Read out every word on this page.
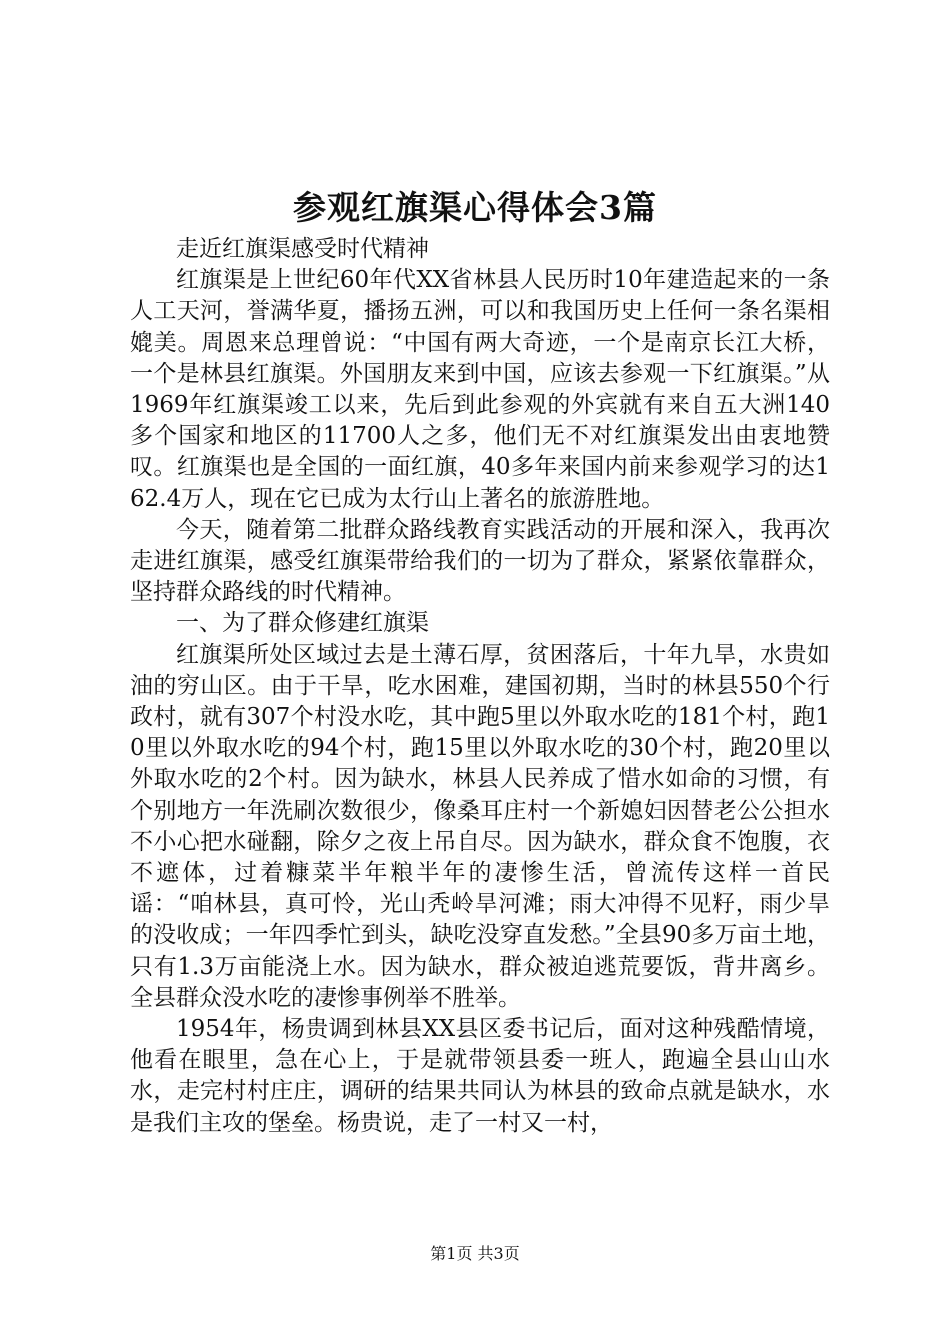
参观红旗渠心得体会3篇

走近红旗渠感受时代精神

红旗渠是上世纪60年代XX省林县人民历时10年建造起来的一条人工天河，誉满华夏，播扬五洲，可以和我国历史上任何一条名渠相媲美。周恩来总理曾说：“中国有两大奇迹，一个是南京长江大桥，一个是林县红旗渠。外国朋友来到中国，应该去参观一下红旗渠。”从1969年红旗渠竣工以来，先后到此参观的外宾就有来自五大洲140多个国家和地区的11700人之多，他们无不对红旗渠发出由衷地赞叹。红旗渠也是全国的一面红旗，40多年来国内前来参观学习的达162.4万人，现在它已成为太行山上著名的旅游胜地。

今天，随着第二批群众路线教育实践活动的开展和深入，我再次走进红旗渠，感受红旗渠带给我们的一切为了群众，紧紧依靠群众，坚持群众路线的时代精神。

一、为了群众修建红旗渠

红旗渠所处区域过去是土薄石厚，贫困落后，十年九旱，水贵如油的穷山区。由于干旱，吃水困难，建国初期，当时的林县550个行政村，就有307个村没水吃，其中跑5里以外取水吃的181个村，跑10里以外取水吃的94个村，跑15里以外取水吃的30个村，跑20里以外取水吃的2个村。因为缺水，林县人民养成了惜水如命的习惯，有个别地方一年洗刷次数很少，像桑耳庄村一个新媳妇因替老公公担水不小心把水碰翻，除夕之夜上吊自尽。因为缺水，群众食不饱腹，衣不遮体，过着糠菜半年粮半年的凄惨生活，曾流传这样一首民谣：“咱林县，真可怜，光山秃岭旱河滩；雨大冲得不见籽，雨少旱的没收成；一年四季忙到头，缺吃没穿直发愁。”全县90多万亩土地，只有1.3万亩能浇上水。因为缺水，群众被迫逃荒要饭，背井离乡。全县群众没水吃的凄惨事例举不胜举。

1954年，杨贵调到林县XX县区委书记后，面对这种残酷情境，他看在眼里，急在心上，于是就带领县委一班人，跑遍全县山山水水，走完村村庄庄，调研的结果共同认为林县的致命点就是缺水，水是我们主攻的堡垒。杨贵说，走了一村又一村，

第1页 共3页
